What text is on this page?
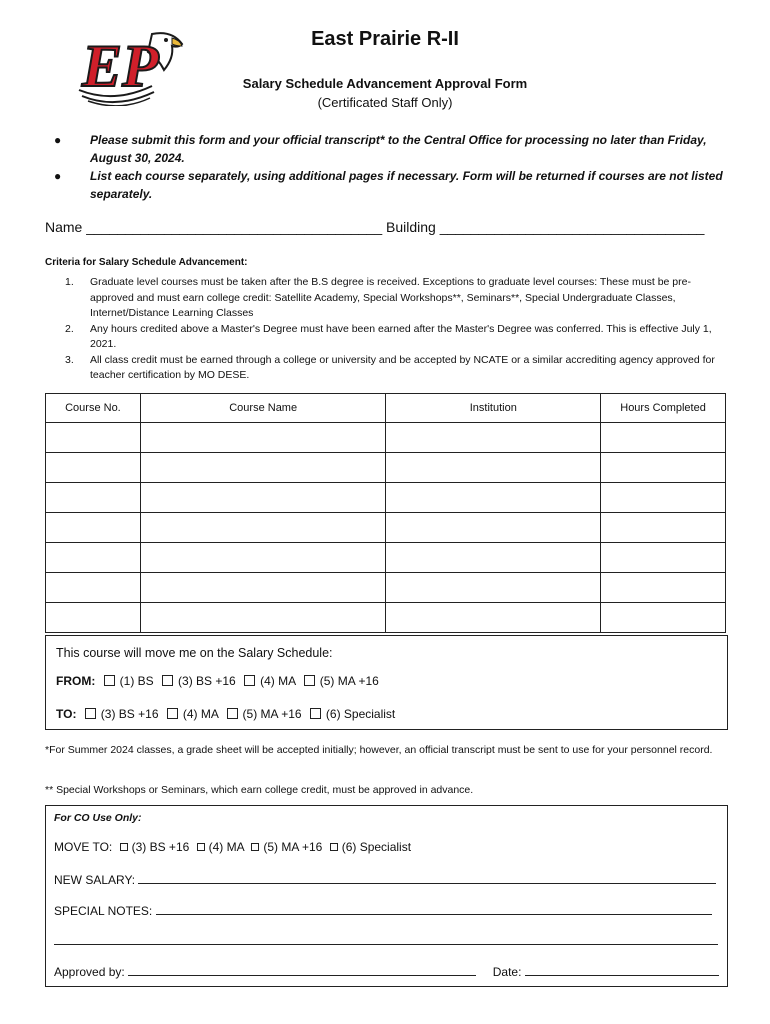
EP	East Prairie R-II
Salary Schedule Advancement Approval Form
(Certificated Staff Only)
● Please submit this form and your official transcript* to the Central Office for processing no later than Friday, August 30, 2024.
● List each course separately, using additional pages if necessary. Form will be returned if courses are not listed separately.
Name ______________________________________ Building __________________________________
Criteria for Salary Schedule Advancement:
1. Graduate level courses must be taken after the B.S degree is received. Exceptions to graduate level courses: These must be pre-approved and must earn college credit: Satellite Academy, Special Workshops**, Seminars**, Special Undergraduate Classes, Internet/Distance Learning Classes
2. Any hours credited above a Master's Degree must have been earned after the Master's Degree was conferred. This is effective July 1, 2021.
3. All class credit must be earned through a college or university and be accepted by NCATE or a similar accrediting agency approved for teacher certification by MO DESE.
Course No.	Course Name	Institution	Hours Completed

This course will move me on the Salary Schedule:
FROM: (1) BS (3) BS +16 (4) MA (5) MA +16
TO: (3) BS +16 (4) MA (5) MA +16 (6) Specialist
*For Summer 2024 classes, a grade sheet will be accepted initially; however, an official transcript must be sent to use for your personnel record.
** Special Workshops or Seminars, which earn college credit, must be approved in advance.
For CO Use Only:
MOVE TO: (3) BS +16 (4) MA (5) MA +16 (6) Specialist
NEW SALARY:
SPECIAL NOTES:
Approved by:	Date:
